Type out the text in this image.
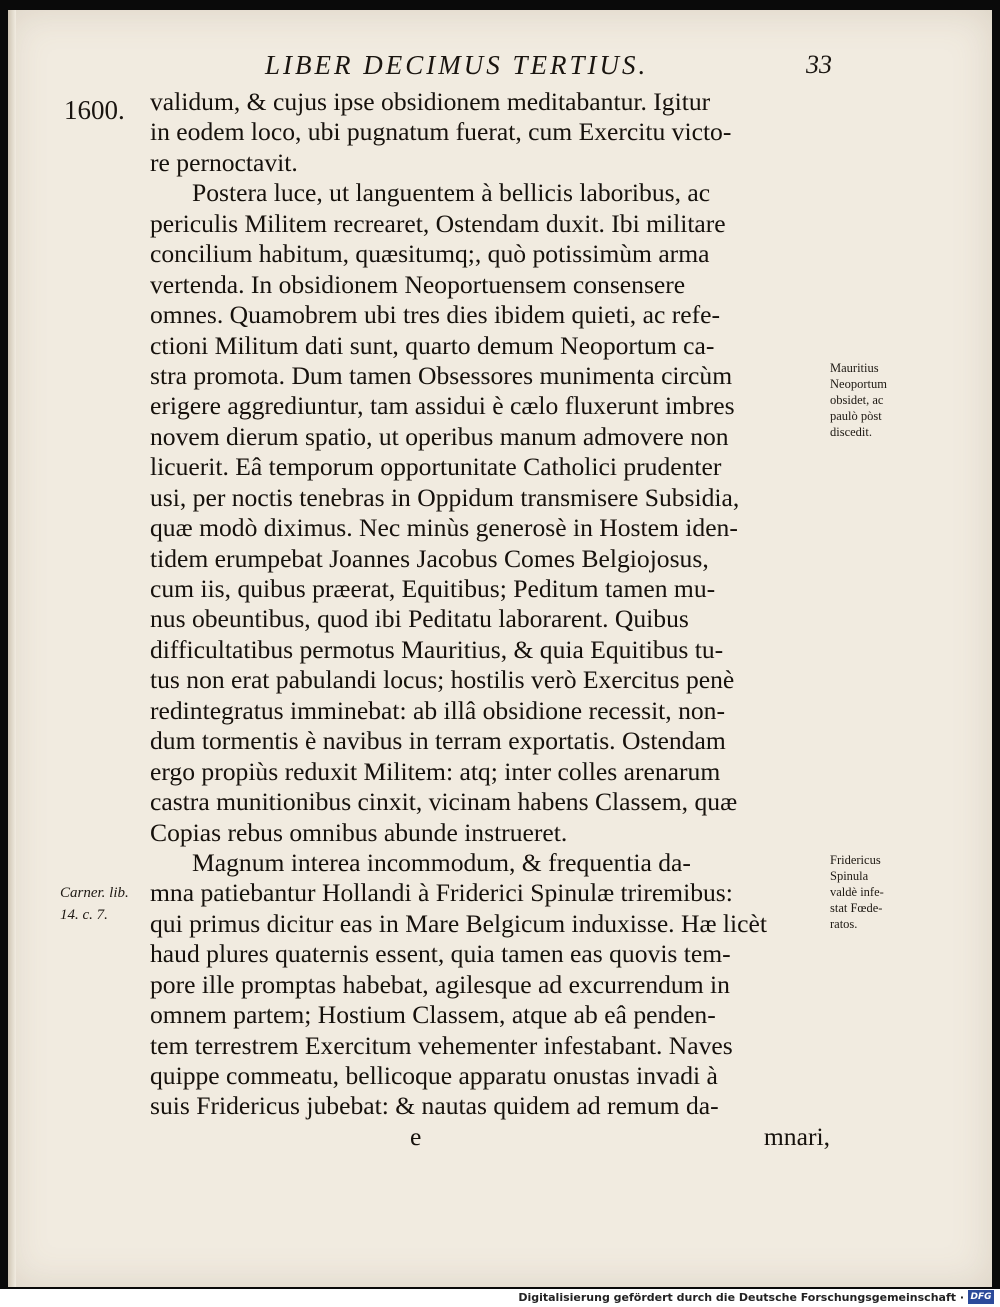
LIBER DECIMUS TERTIUS.	33
1600. validum, & cujus ipse obsidionem meditabantur. Igitur
in eodem loco, ubi pugnatum fuerat, cum Exercitu victo-
re pernoctavit.
Postera luce, ut languentem à bellicis laboribus, ac
periculis Militem recrearet, Ostendam duxit. Ibi militare
concilium habitum, quæsitumq;, quò potissimùm arma
vertenda. In obsidionem Neoportuensem consensere
omnes. Quamobrem ubi tres dies ibidem quieti, ac refe-
ctioni Militum dati sunt, quarto demum Neoportum ca-
stra promota. Dum tamen Obsessores munimenta circùm
erigere aggrediuntur, tam assidui è cælo fluxerunt imbres
novem dierum spatio, ut operibus manum admovere non
licuerit. Eâ temporum opportunitate Catholici prudenter
usi, per noctis tenebras in Oppidum transmisere Subsidia,
quæ modò diximus. Nec minùs generosè in Hostem iden-
tidem erumpebat Joannes Jacobus Comes Belgiojosus,
cum iis, quibus præerat, Equitibus; Peditum tamen mu-
nus obeuntibus, quod ibi Peditatu laborarent. Quibus
difficultatibus permotus Mauritius, & quia Equitibus tu-
tus non erat pabulandi locus; hostilis verò Exercitus penè
redintegratus imminebat: ab illâ obsidione recessit, non-
dum tormentis è navibus in terram exportatis. Ostendam
ergo propiùs reduxit Militem: atq; inter colles arenarum
castra munitionibus cinxit, vicinam habens Classem, quæ
Copias rebus omnibus abunde instrueret.
Magnum interea incommodum, & frequentia da-
mna patiebantur Hollandi à Friderici Spinulæ triremibus:
qui primus dicitur eas in Mare Belgicum induxisse. Hæ licèt
haud plures quaternis essent, quia tamen eas quovis tem-
pore ille promptas habebat, agilesque ad excurrendum in
omnem partem; Hostium Classem, atque ab eâ penden-
tem terrestrem Exercitum vehementer infestabant. Naves
quippe commeatu, bellicoque apparatu onustas invadi à
suis Fridericus jubebat: & nautas quidem ad remum da-
e	mnari,
Mauritius
Neoportum
obsidet, ac
paulò pòst
discedit.
Fridericus
Spinula
valdè infe-
stat Fœde-
ratos.
Carner. lib.
14. c. 7.
Digitalisierung gefördert durch die Deutsche Forschungsgemeinschaft · DFG
